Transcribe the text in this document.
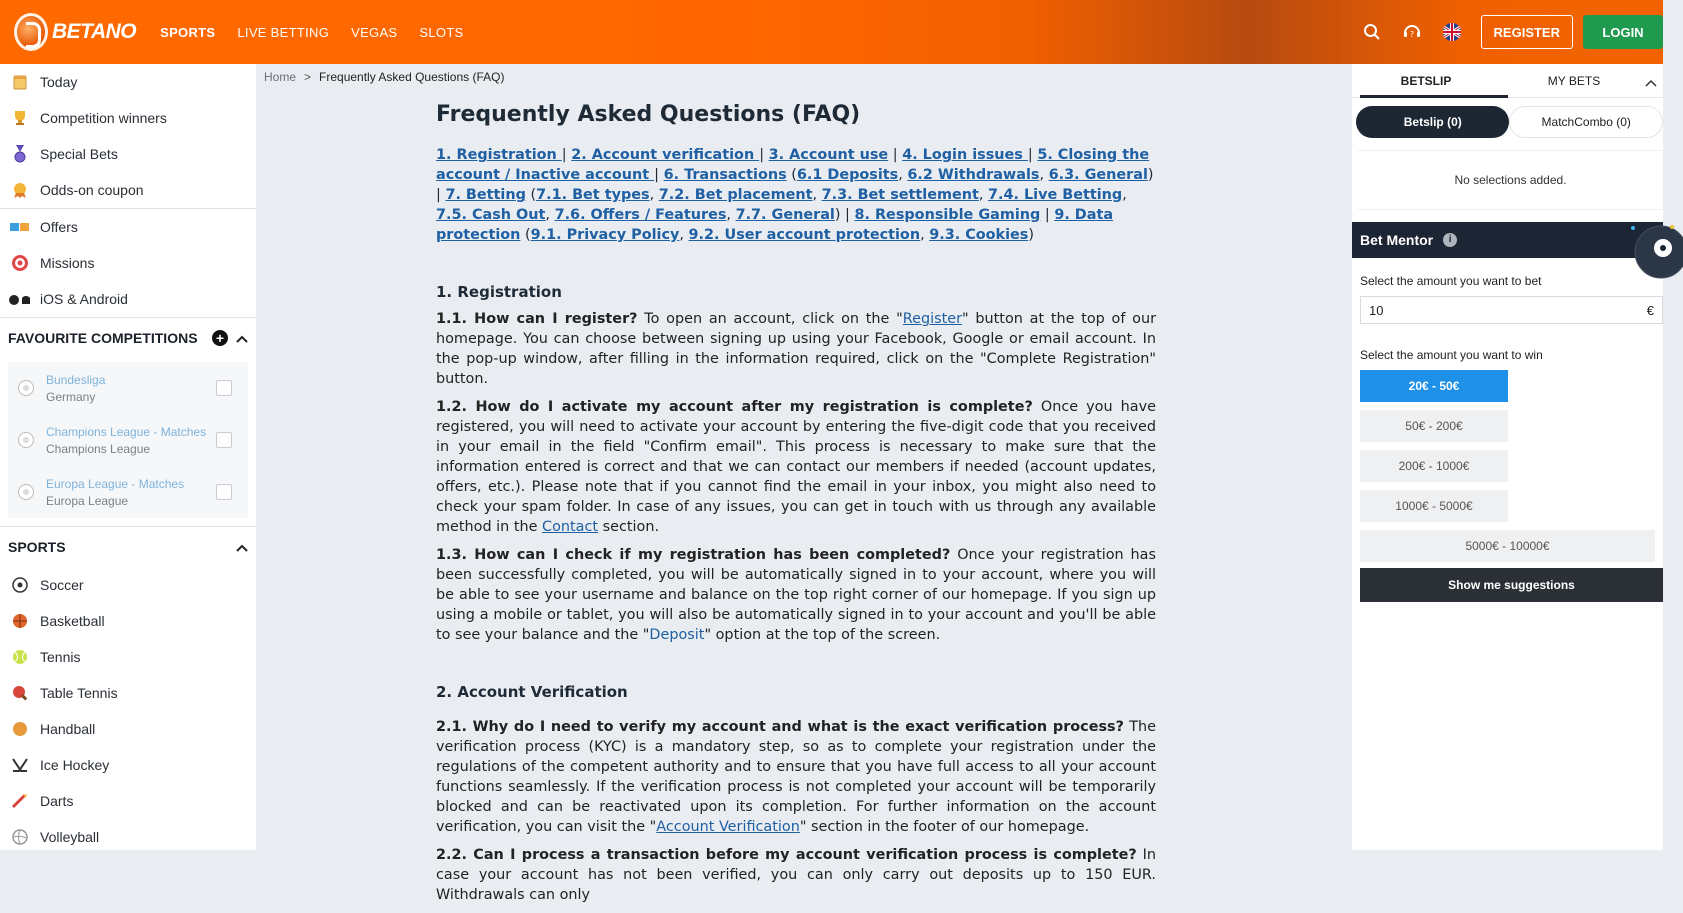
BETANO SPORTS LIVE BETTING VEGAS SLOTS	?	REGISTER	LOGIN
Today
Competition winners
Special Bets
Odds-on coupon
Offers
Missions
iOS & Android
FAVOURITE COMPETITIONS +
Bundesliga
Germany
Champions League - Matches
Champions League
Europa League - Matches
Europa League
SPORTS
Soccer
Basketball
Tennis
Table Tennis
Handball
Ice Hockey
Darts
Volleyball
Home > Frequently Asked Questions (FAQ)
Frequently Asked Questions (FAQ)
1. Registration | 2. Account verification | 3. Account use | 4. Login issues | 5. Closing the account / Inactive account | 6. Transactions (6.1 Deposits, 6.2 Withdrawals, 6.3. General) | 7. Betting (7.1. Bet types, 7.2. Bet placement, 7.3. Bet settlement, 7.4. Live Betting, 7.5. Cash Out, 7.6. Offers / Features, 7.7. General) | 8. Responsible Gaming | 9. Data protection (9.1. Privacy Policy, 9.2. User account protection, 9.3. Cookies)
1. Registration

1.1. How can I register? To open an account, click on the "Register" button at the top of our homepage. You can choose between signing up using your Facebook, Google or email account. In the pop-up window, after filling in the information required, click on the "Complete Registration" button.

1.2. How do I activate my account after my registration is complete? Once you have registered, you will need to activate your account by entering the five-digit code that you received in your email in the field "Confirm email". This process is necessary to make sure that the information entered is correct and that we can contact our members if needed (account updates, offers, etc.). Please note that if you cannot find the email in your inbox, you might also need to check your spam folder. In case of any issues, you can get in touch with us through any available method in the Contact section.

1.3. How can I check if my registration has been completed? Once your registration has been successfully completed, you will be automatically signed in to your account, where you will be able to see your username and balance on the top right corner of our homepage. If you sign up using a mobile or tablet, you will also be automatically signed in to your account and you'll be able to see your balance and the "Deposit" option at the top of the screen.

2. Account Verification

2.1. Why do I need to verify my account and what is the exact verification process? The verification process (KYC) is a mandatory step, so as to complete your registration under the regulations of the competent authority and to ensure that you have full access to all your account functions seamlessly. If the verification process is not completed your account will be temporarily blocked and can be reactivated upon its completion. For further information on the account verification, you can visit the "Account Verification" section in the footer of our homepage.

2.2. Can I process a transaction before my account verification process is complete? In case your account has not been verified, you can only carry out deposits up to 150 EUR. Withdrawals can only

BETSLIP	MY BETS
Betslip (0)	MatchCombo (0)
No selections added.
Bet Mentor	i
Select the amount you want to bet
10	€
Select the amount you want to win
20€ - 50€
50€ - 200€
200€ - 1000€
1000€ - 5000€
5000€ - 10000€
Show me suggestions
